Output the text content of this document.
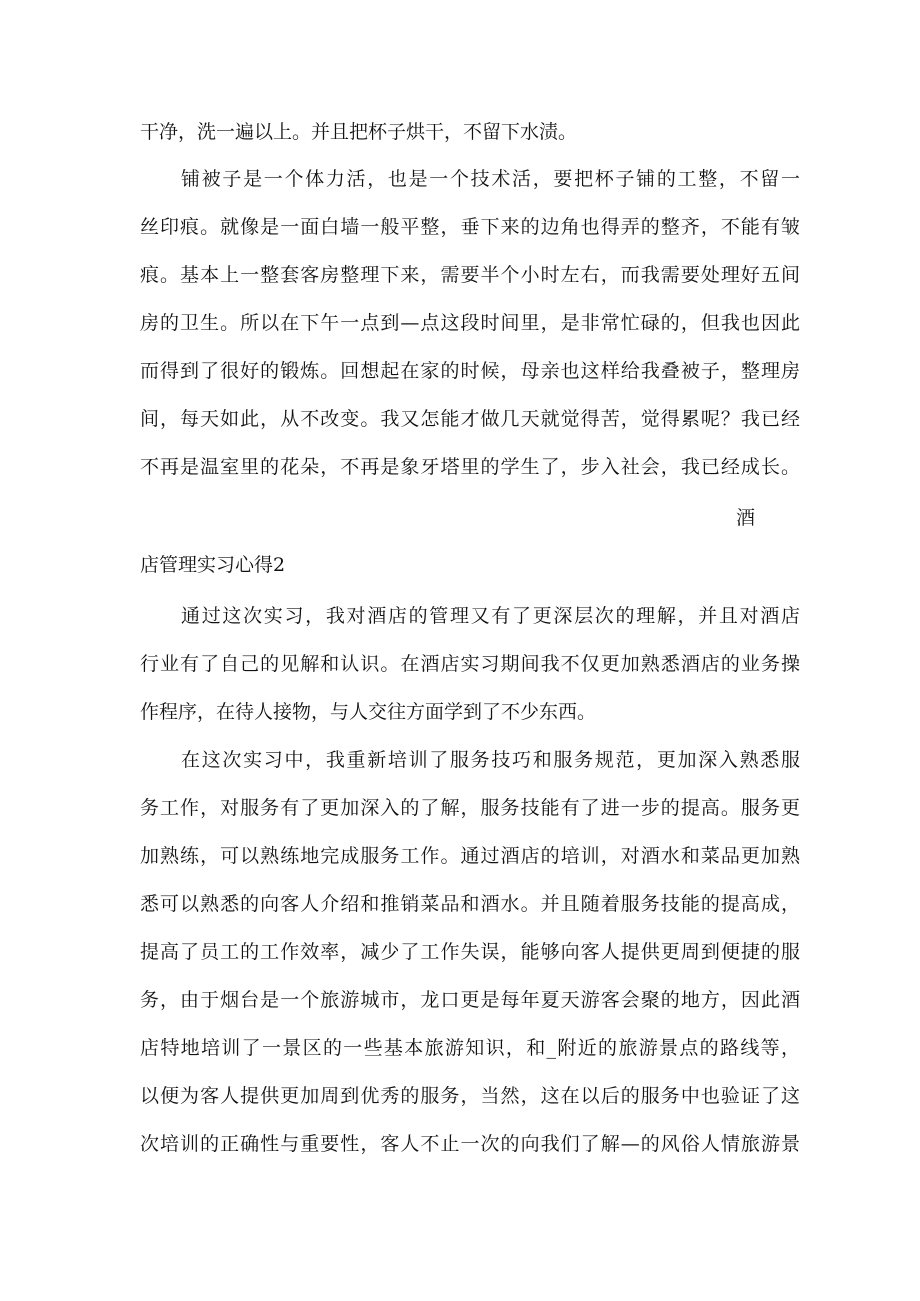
干净，洗一遍以上。并且把杯子烘干，不留下水渍。
铺被子是一个体力活，也是一个技术活，要把杯子铺的工整，不留一
丝印痕。就像是一面白墙一般平整，垂下来的边角也得弄的整齐，不能有皱
痕。基本上一整套客房整理下来，需要半个小时左右，而我需要处理好五间
房的卫生。所以在下午一点到—点这段时间里，是非常忙碌的，但我也因此
而得到了很好的锻炼。回想起在家的时候，母亲也这样给我叠被子，整理房
间，每天如此，从不改变。我又怎能才做几天就觉得苦，觉得累呢？我已经
不再是温室里的花朵，不再是象牙塔里的学生了，步入社会，我已经成长。
酒
店管理实习心得2
通过这次实习，我对酒店的管理又有了更深层次的理解，并且对酒店
行业有了自己的见解和认识。在酒店实习期间我不仅更加熟悉酒店的业务操
作程序，在待人接物，与人交往方面学到了不少东西。
在这次实习中，我重新培训了服务技巧和服务规范，更加深入熟悉服
务工作，对服务有了更加深入的了解，服务技能有了进一步的提高。服务更
加熟练，可以熟练地完成服务工作。通过酒店的培训，对酒水和菜品更加熟
悉可以熟悉的向客人介绍和推销菜品和酒水。并且随着服务技能的提高成，
提高了员工的工作效率，减少了工作失误，能够向客人提供更周到便捷的服
务，由于烟台是一个旅游城市，龙口更是每年夏天游客会聚的地方，因此酒
店特地培训了一景区的一些基本旅游知识，和_附近的旅游景点的路线等，
以便为客人提供更加周到优秀的服务，当然，这在以后的服务中也验证了这
次培训的正确性与重要性，客人不止一次的向我们了解—的风俗人情旅游景
